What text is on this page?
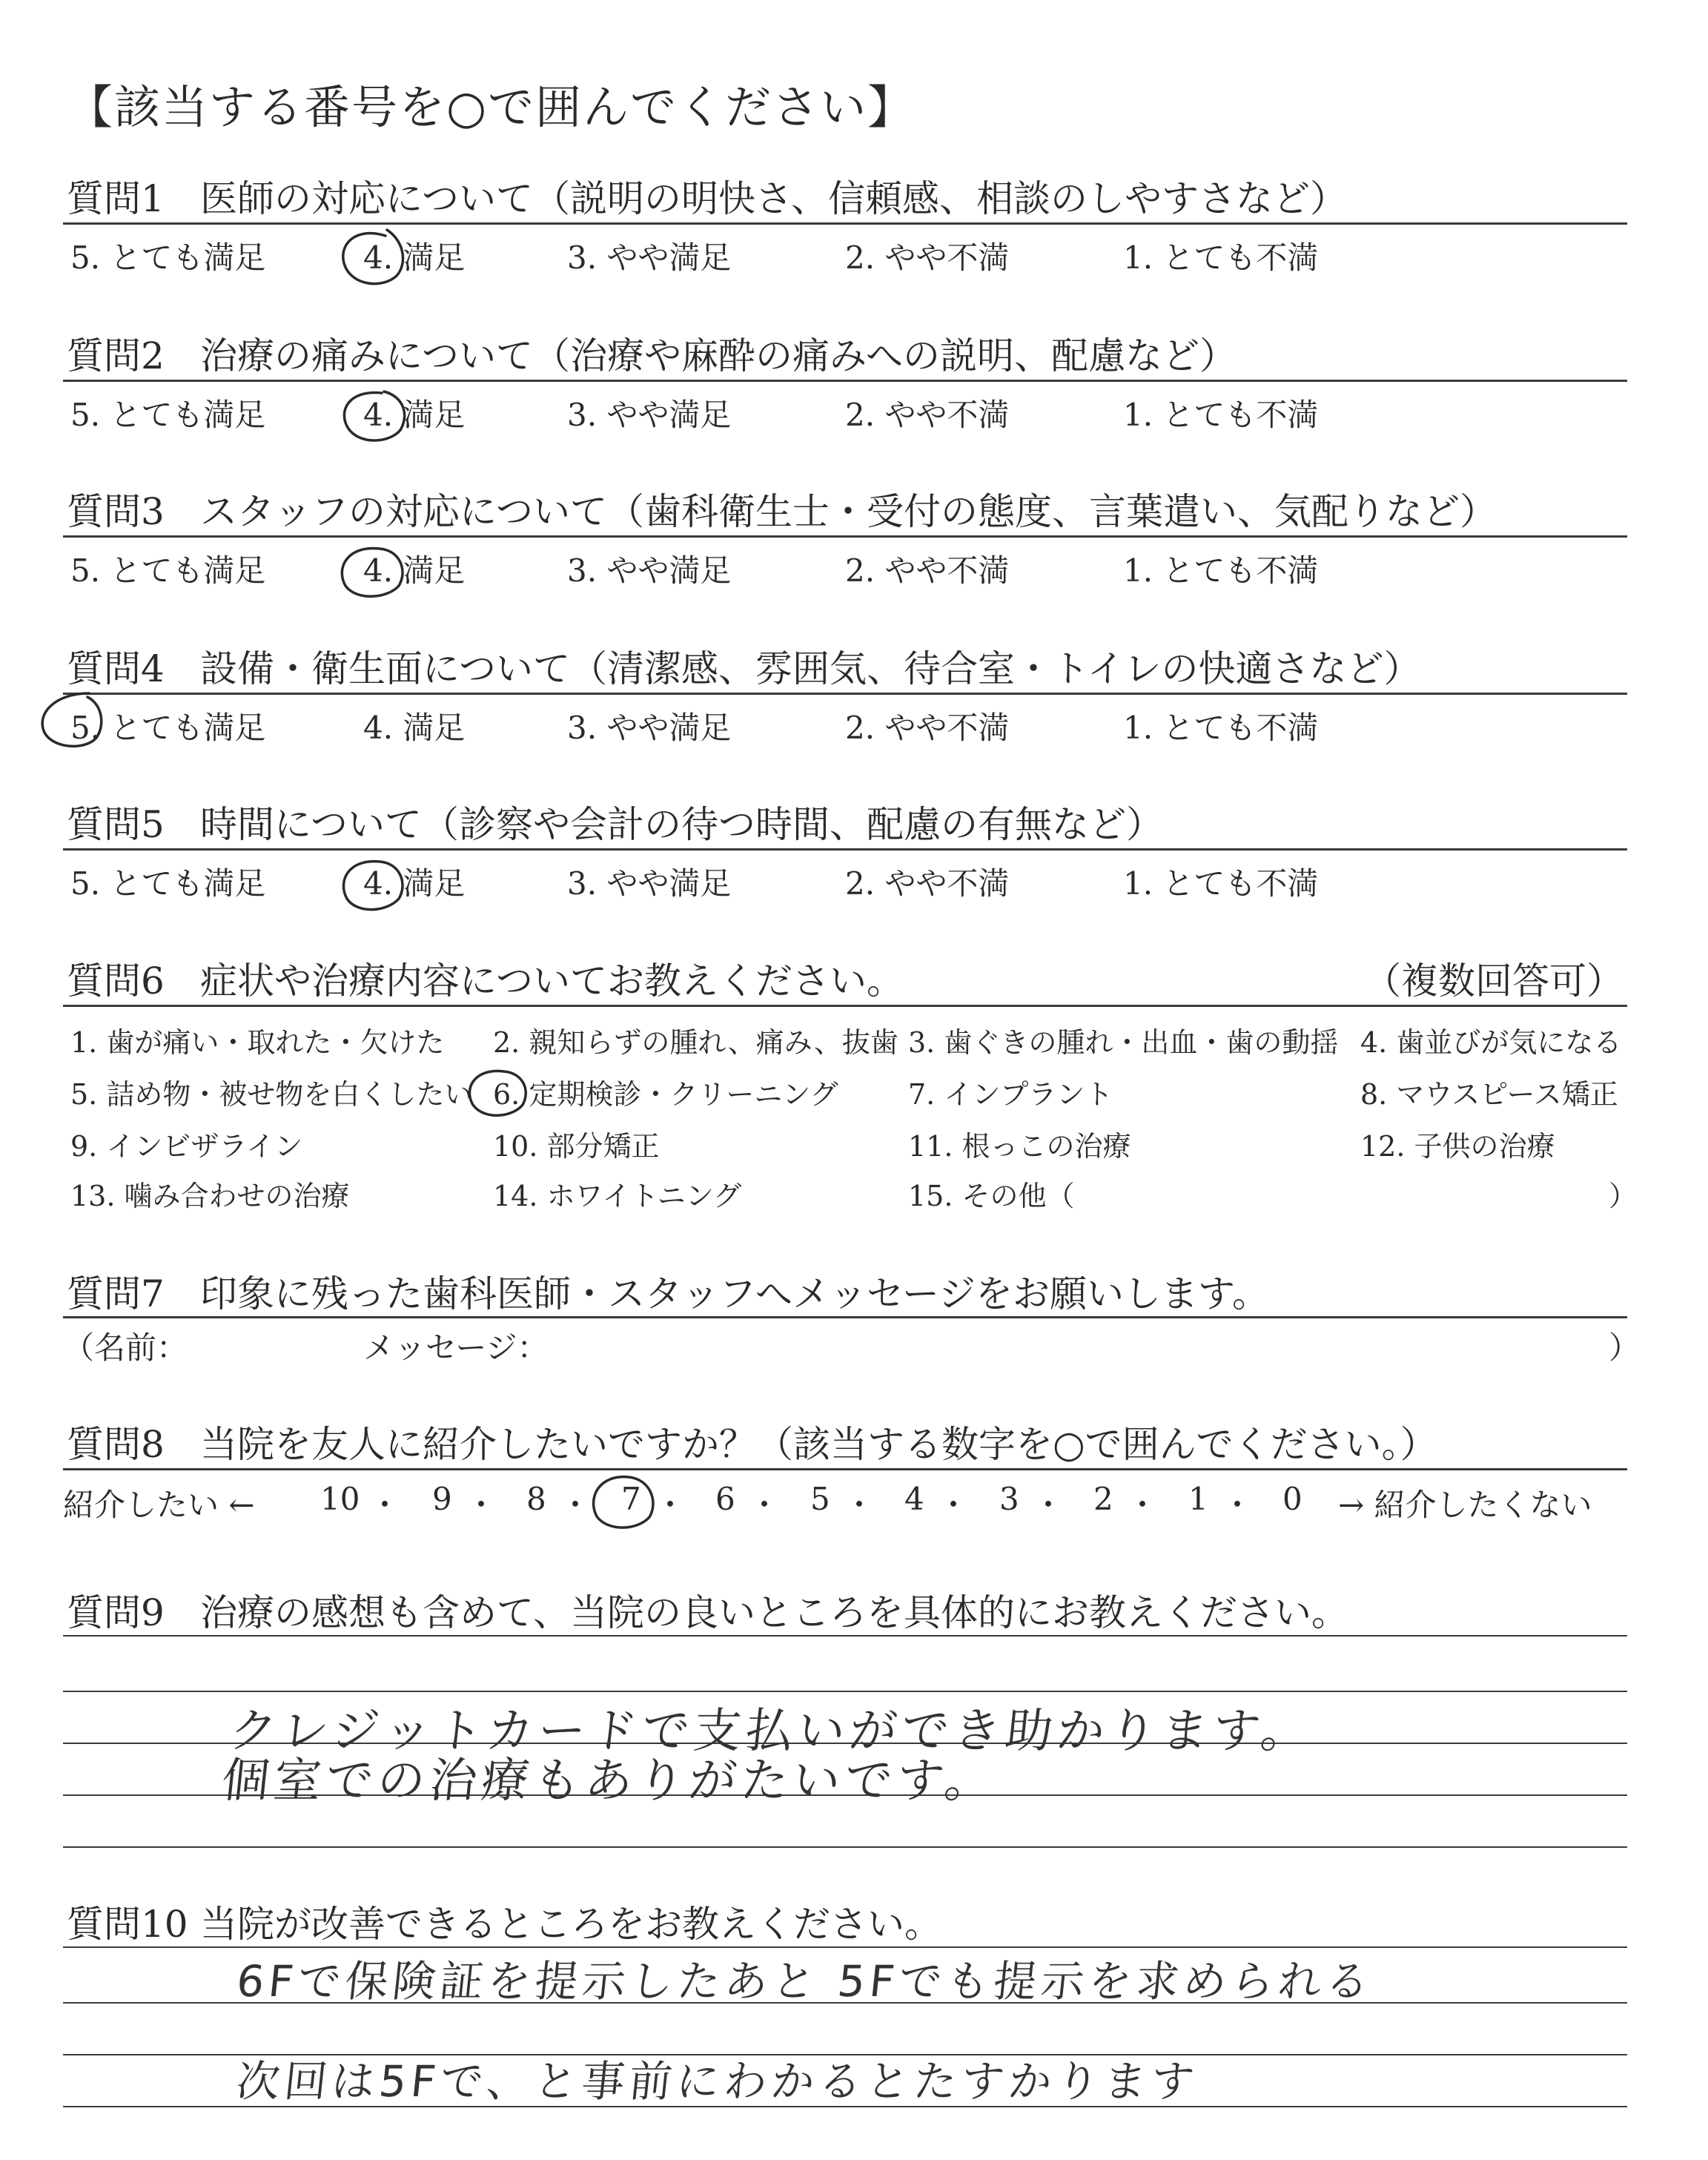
【該当する番号を○で囲んでください】
質問1 医師の対応について（説明の明快さ、信頼感、相談のしやすさなど）
5. とても満足	4. 満足	3. やや満足	2. やや不満	1. とても不満
質問2 治療の痛みについて（治療や麻酔の痛みへの説明、配慮など）
5. とても満足	4. 満足	3. やや満足	2. やや不満	1. とても不満
質問3 スタッフの対応について（歯科衛生士・受付の態度、言葉遣い、気配りなど）
5. とても満足	4. 満足	3. やや満足	2. やや不満	1. とても不満
質問4 設備・衛生面について（清潔感、雰囲気、待合室・トイレの快適さなど）
5. とても満足	4. 満足	3. やや満足	2. やや不満	1. とても不満
質問5 時間について（診察や会計の待つ時間、配慮の有無など）
5. とても満足	4. 満足	3. やや満足	2. やや不満	1. とても不満
質問6 症状や治療内容についてお教えください。	（複数回答可）
1. 歯が痛い・取れた・欠けた 2. 親知らずの腫れ、痛み、抜歯 3. 歯ぐきの腫れ・出血・歯の動揺 4. 歯並びが気になる
5. 詰め物・被せ物を白くしたい 6. 定期検診・クリーニング 7. インプラント	8. マウスピース矯正
9. インビザライン	10. 部分矯正	11. 根っこの治療	12. 子供の治療
13. 噛み合わせの治療	14. ホワイトニング	15. その他（	）
質問7 印象に残った歯科医師・スタッフへメッセージをお願いします。
（名前：	メッセージ：	）
質問8 当院を友人に紹介したいですか？（該当する数字を○で囲んでください。）
紹介したい ← 10 ・ 9 ・ 8 ・ 7 ・ 6 ・ 5 ・ 4 ・ 3 ・ 2 ・ 1 ・ 0 → 紹介したくない
質問9 治療の感想も含めて、当院の良いところを具体的にお教えください。
クレジットカードで支払いができ助かります。
個室での治療もありがたいです。
質問10 当院が改善できるところをお教えください。
6Fで保険証を提示したあと 5Fでも提示を求められる
次回は5Fで、と事前にわかるとたすかります
